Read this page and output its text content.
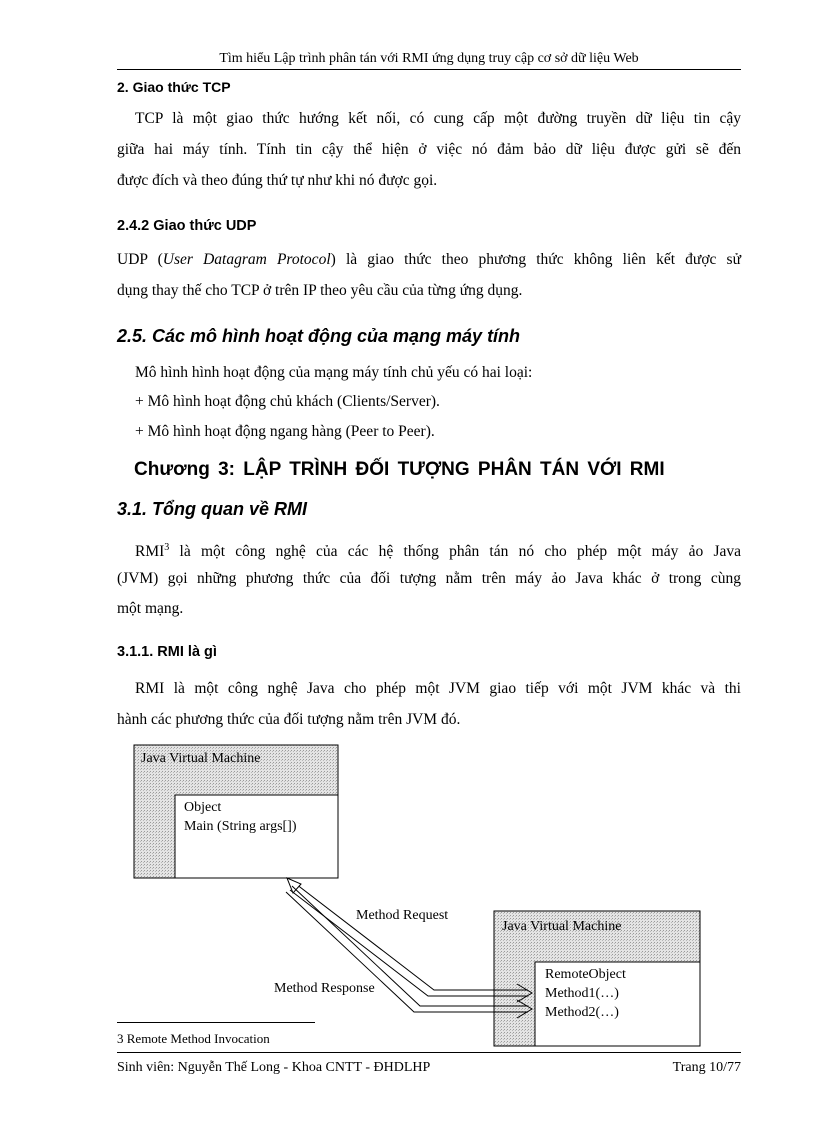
Tìm hiểu Lập trình phân tán với RMI ứng dụng truy cập cơ sở dữ liệu Web
2. Giao thức TCP
TCP là một giao thức hướng kết nối, có cung cấp một đường truyền dữ liệu tin cậy
giữa hai máy tính. Tính tin cậy thể hiện ở việc nó đảm bảo dữ liệu được gửi sẽ đến
được đích và theo đúng thứ tự như khi nó được gọi.
2.4.2 Giao thức UDP
UDP (User Datagram Protocol) là giao thức theo phương thức không liên kết được sử
dụng thay thế cho TCP ở trên IP theo yêu cầu của từng ứng dụng.
2.5. Các mô hình hoạt động của mạng máy tính
Mô hình hình hoạt động của mạng máy tính chủ yếu có hai loại:
+ Mô hình hoạt động chủ khách (Clients/Server).
+ Mô hình hoạt động ngang hàng (Peer to Peer).
Chương 3: LẬP TRÌNH ĐỐI TƯỢNG PHÂN TÁN VỚI RMI
3.1. Tổng quan về RMI
RMI$^3$ là một công nghệ của các hệ thống phân tán nó cho phép một máy ảo Java
(JVM) gọi những phương thức của đối tượng nằm trên máy ảo Java khác ở trong cùng
một mạng.
3.1.1. RMI là gì
RMI là một công nghệ Java cho phép một JVM giao tiếp với một JVM khác và thi
hành các phương thức của đối tượng nằm trên JVM đó.
Java Virtual Machine
Object
Main (String args[])
Java Virtual Machine
RemoteObject
Method1(…)
Method2(…)
Method Request
Method Response
3 Remote Method Invocation
Sinh viên: Nguyễn Thế Long - Khoa CNTT - ĐHDLHP	Trang 10/77
